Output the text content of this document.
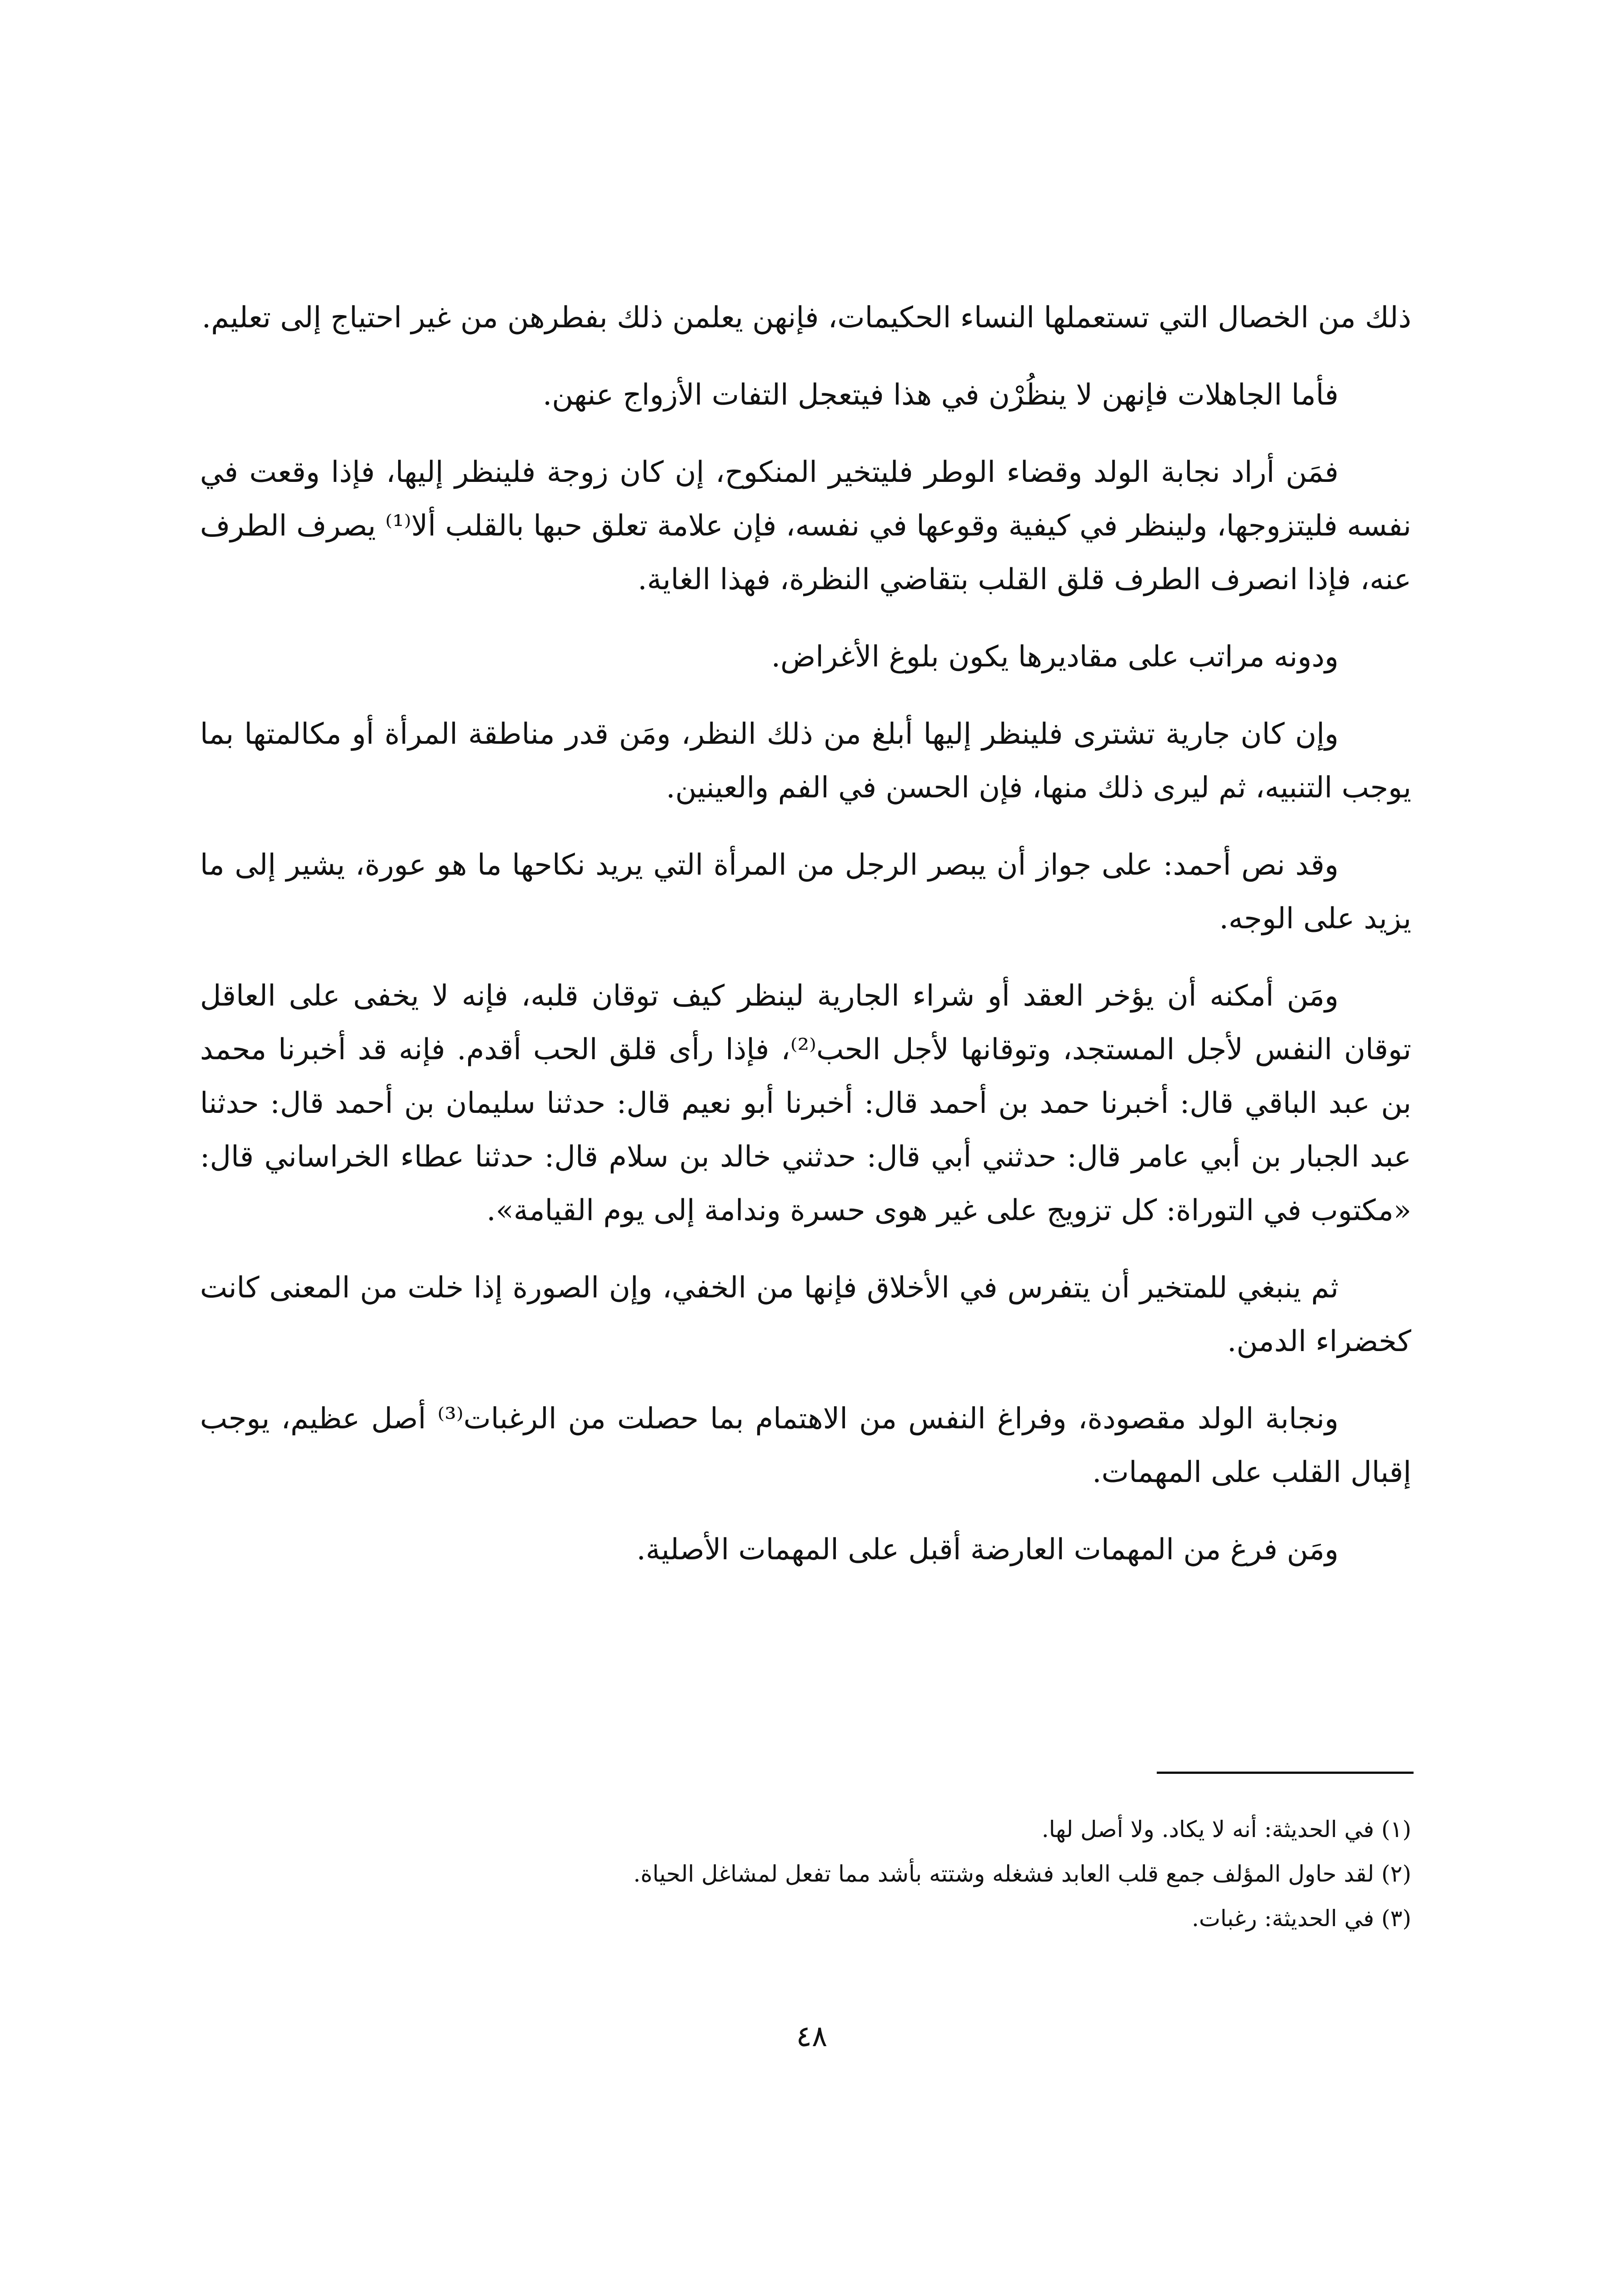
ذلك من الخصال التي تستعملها النساء الحكيمات، فإنهن يعلمن ذلك بفطرهن من غير احتياج إلى تعليم.

فأما الجاهلات فإنهن لا ينظُرْن في هذا فيتعجل التفات الأزواج عنهن.

فمَن أراد نجابة الولد وقضاء الوطر فليتخير المنكوح، إن كان زوجة فلينظر إليها، فإذا وقعت في نفسه فليتزوجها، ولينظر في كيفية وقوعها في نفسه، فإن علامة تعلق حبها بالقلب ألا⁽¹⁾ يصرف الطرف عنه، فإذا انصرف الطرف قلق القلب بتقاضي النظرة، فهذا الغاية.

ودونه مراتب على مقاديرها يكون بلوغ الأغراض.

وإن كان جارية تشترى فلينظر إليها أبلغ من ذلك النظر، ومَن قدر مناطقة المرأة أو مكالمتها بما يوجب التنبيه، ثم ليرى ذلك منها، فإن الحسن في الفم والعينين.

وقد نص أحمد: على جواز أن يبصر الرجل من المرأة التي يريد نكاحها ما هو عورة، يشير إلى ما يزيد على الوجه.

ومَن أمكنه أن يؤخر العقد أو شراء الجارية لينظر كيف توقان قلبه، فإنه لا يخفى على العاقل توقان النفس لأجل المستجد، وتوقانها لأجل الحب⁽²⁾، فإذا رأى قلق الحب أقدم. فإنه قد أخبرنا محمد بن عبد الباقي قال: أخبرنا حمد بن أحمد قال: أخبرنا أبو نعيم قال: حدثنا سليمان بن أحمد قال: حدثنا عبد الجبار بن أبي عامر قال: حدثني أبي قال: حدثني خالد بن سلام قال: حدثنا عطاء الخراساني قال: «مكتوب في التوراة: كل تزويج على غير هوى حسرة وندامة إلى يوم القيامة».

ثم ينبغي للمتخير أن يتفرس في الأخلاق فإنها من الخفي، وإن الصورة إذا خلت من المعنى كانت كخضراء الدمن.

ونجابة الولد مقصودة، وفراغ النفس من الاهتمام بما حصلت من الرغبات⁽³⁾ أصل عظيم، يوجب إقبال القلب على المهمات.

ومَن فرغ من المهمات العارضة أقبل على المهمات الأصلية.

(١) في الحديثة: أنه لا يكاد. ولا أصل لها.

(٢) لقد حاول المؤلف جمع قلب العابد فشغله وشتته بأشد مما تفعل لمشاغل الحياة.

(٣) في الحديثة: رغبات.

٤٨
